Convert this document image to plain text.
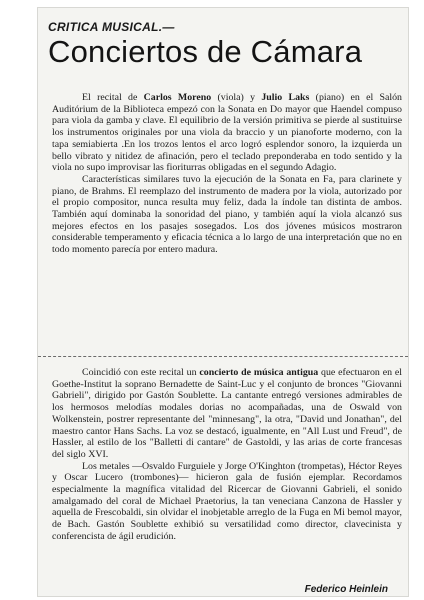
CRITICA MUSICAL.—
Conciertos de Cámara

El recital de Carlos Moreno (viola) y Julio Laks (piano) en el Salón Auditórium de la Biblioteca empezó con la Sonata en Do mayor que Haendel compuso para viola da gamba y clave. El equilibrio de la versión primitiva se pierde al sustituirse los instrumentos originales por una viola da braccio y un pianoforte moderno, con la tapa semiabierta .En los trozos lentos el arco logró esplendor sonoro, la izquierda un bello vibrato y nitidez de afinación, pero el teclado preponderaba en todo sentido y la viola no supo improvisar las fioriturras obligadas en el segundo Adagio.

Características similares tuvo la ejecución de la Sonata en Fa, para clarinete y piano, de Brahms. El reemplazo del instrumento de madera por la viola, autorizado por el propio compositor, nunca resulta muy feliz, dada la índole tan distinta de ambos. También aquí dominaba la sonoridad del piano, y también aquí la viola alcanzó sus mejores efectos en los pasajes sosegados. Los dos jóvenes músicos mostraron considerable temperamento y eficacia técnica a lo largo de una interpretación que no en todo momento parecía por entero madura.

Coincidió con este recital un concierto de música antigua que efectuaron en el Goethe-Institut la soprano Bernadette de Saint-Luc y el conjunto de bronces "Giovanni Gabrieli", dirigido por Gastón Soublette. La cantante entregó versiones admirables de los hermosos melodías modales dorias no acompañadas, una de Oswald von Wolkenstein, postrer representante del "minnesang", la otra, "David und Jonathan", del maestro cantor Hans Sachs. La voz se destacó, igualmente, en "All Lust und Freud", de Hassler, al estilo de los "Balletti di cantare" de Gastoldi, y las arias de corte francesas del siglo XVI.

Los metales —Osvaldo Furguiele y Jorge O'Kinghton (trompetas), Héctor Reyes y Oscar Lucero (trombones)— hicieron gala de fusión ejemplar. Recordamos especialmente la magnífica vitalidad del Ricercar de Giovanni Gabrieli, el sonido amalgamado del coral de Michael Praetorius, la tan veneciana Canzona de Hassler y aquella de Frescobaldi, sin olvidar el inobjetable arreglo de la Fuga en Mi bemol mayor, de Bach. Gastón Soublette exhibió su versatilidad como director, clavecinista y conferencista de ágil erudición.

Federico Heinlein
